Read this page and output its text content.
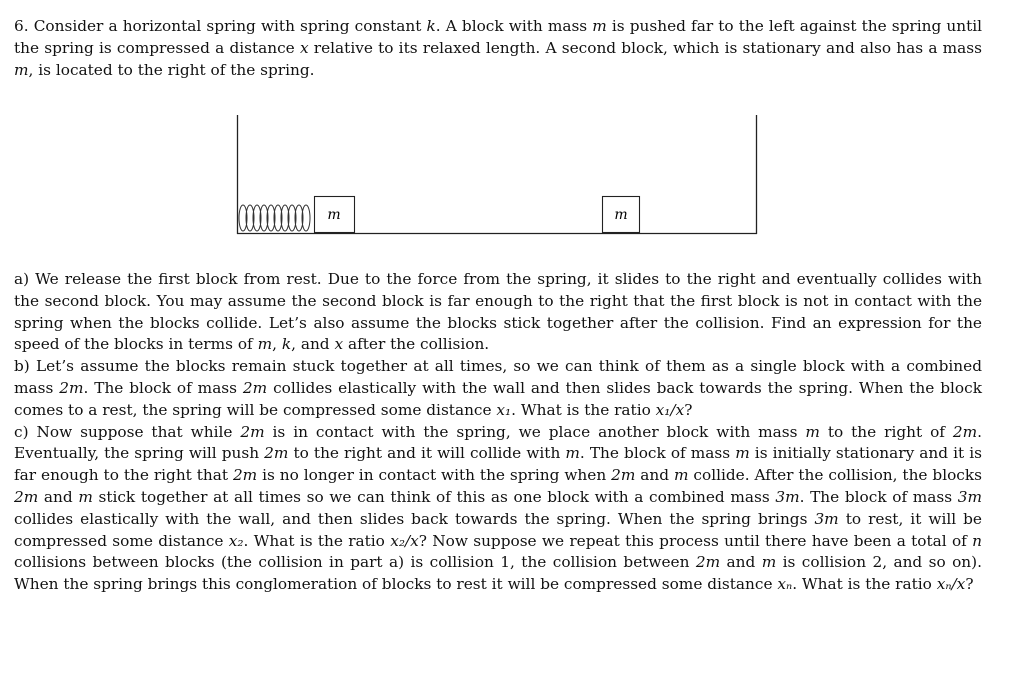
6. Consider a horizontal spring with spring constant k. A block with mass m is pushed far to the left against the spring until the spring is compressed a distance x relative to its relaxed length. A second block, which is stationary and also has a mass m, is located to the right of the spring.

m	m
a) We release the first block from rest. Due to the force from the spring, it slides to the right and eventually collides with the second block. You may assume the second block is far enough to the right that the first block is not in contact with the spring when the blocks collide. Let’s also assume the blocks stick together after the collision. Find an expression for the speed of the blocks in terms of m, k, and x after the collision.
b) Let’s assume the blocks remain stuck together at all times, so we can think of them as a single block with a combined mass 2m. The block of mass 2m collides elastically with the wall and then slides back towards the spring. When the block comes to a rest, the spring will be compressed some distance x₁. What is the ratio x₁/x?
c) Now suppose that while 2m is in contact with the spring, we place another block with mass m to the right of 2m. Eventually, the spring will push 2m to the right and it will collide with m. The block of mass m is initially stationary and it is far enough to the right that 2m is no longer in contact with the spring when 2m and m collide. After the collision, the blocks 2m and m stick together at all times so we can think of this as one block with a combined mass 3m. The block of mass 3m collides elastically with the wall, and then slides back towards the spring. When the spring brings 3m to rest, it will be compressed some distance x₂. What is the ratio x₂/x? Now suppose we repeat this process until there have been a total of n collisions between blocks (the collision in part a) is collision 1, the collision between 2m and m is collision 2, and so on). When the spring brings this conglomeration of blocks to rest it will be compressed some distance xₙ. What is the ratio xₙ/x?
